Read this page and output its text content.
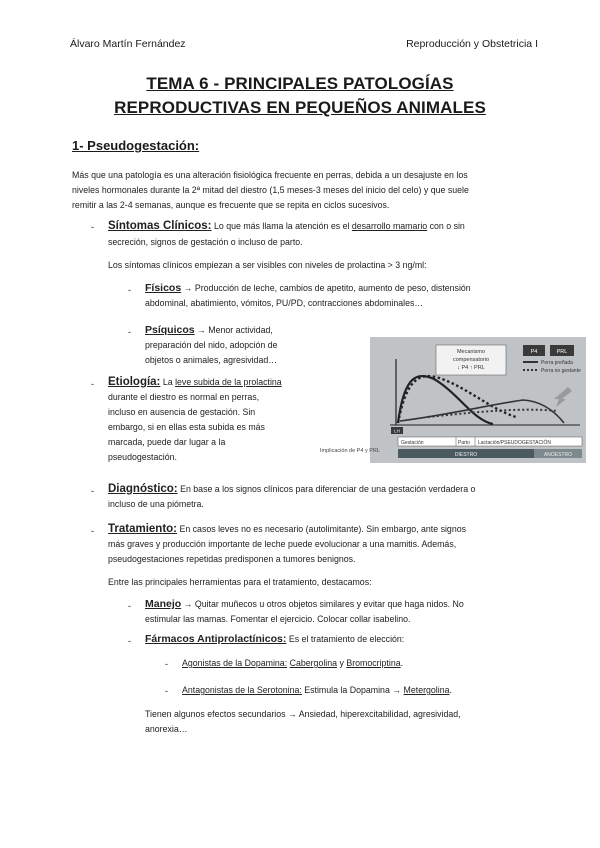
Álvaro Martín Fernández	Reproducción y Obstetricia I
TEMA 6 - PRINCIPALES PATOLOGÍAS
REPRODUCTIVAS EN PEQUEÑOS ANIMALES
1- Pseudogestación:
Más que una patología es una alteración fisiológica frecuente en perras, debida a un desajuste en los
niveles hormonales durante la 2ª mitad del diestro (1,5 meses-3 meses del inicio del celo) y que suele
remitir a las 2-4 semanas, aunque es frecuente que se repita en ciclos sucesivos.
- Síntomas Clínicos: Lo que más llama la atención es el desarrollo mamario con o sin
secreción, signos de gestación o incluso de parto.
Los síntomas clínicos empiezan a ser visibles con niveles de prolactina > 3 ng/ml:
- Físicos → Producción de leche, cambios de apetito, aumento de peso, distensión
abdominal, abatimiento, vómitos, PU/PD, contracciones abdominales…
- Psíquicos → Menor actividad,
preparación del nido, adopción de
objetos o animales, agresividad…
- Etiología: La leve subida de la prolactina
durante el diestro es normal en perras,
incluso en ausencia de gestación. Sin
embargo, si en ellas esta subida es más
marcada, puede dar lugar a la
pseudogestación.
Mecanismo
compensatorio
↓ P4 ↑ PRL
P4	PRL
Perra preñada
Perra no gestante
LH
Implicación de P4 y PRL
Gestación	Parto Lactación/PSEUDOGESTACIÓN
DIESTRO	ANOESTRO
- Diagnóstico: En base a los signos clínicos para diferenciar de una gestación verdadera o
incluso de una piómetra.
- Tratamiento: En casos leves no es necesario (autolimitante). Sin embargo, ante signos
más graves y producción importante de leche puede evolucionar a una mamitis. Además,
pseudogestaciones repetidas predisponen a tumores benignos.
Entre las principales herramientas para el tratamiento, destacamos:
- Manejo → Quitar muñecos u otros objetos similares y evitar que haga nidos. No
estimular las mamas. Fomentar el ejercicio. Colocar collar isabelino.
- Fármacos Antiprolactínicos: Es el tratamiento de elección:
- Agonistas de la Dopamina: Cabergolina y Bromocriptina.
- Antagonistas de la Serotonina: Estimula la Dopamina → Metergolina.
Tienen algunos efectos secundarios → Ansiedad, hiperexcitabilidad, agresividad,
anorexia…
